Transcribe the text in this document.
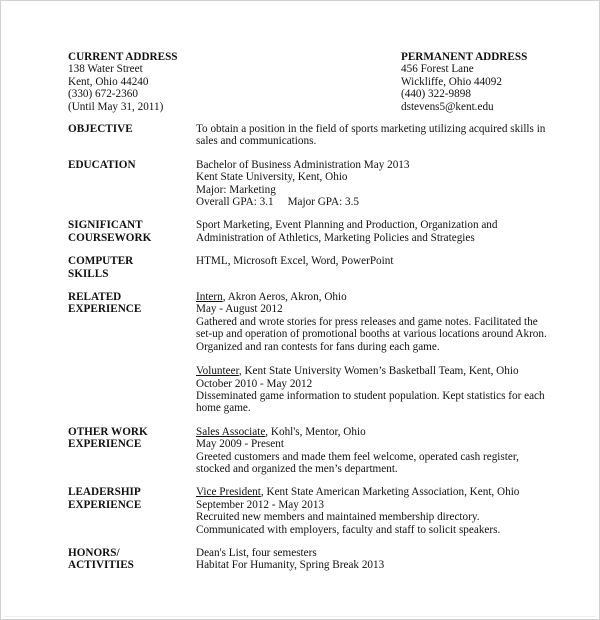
CURRENT ADDRESS
138 Water Street
Kent, Ohio 44240
(330) 672-2360
(Until May 31, 2011)
PERMANENT ADDRESS
456 Forest Lane
Wickliffe, Ohio 44092
(440) 322-9898
dstevens5@kent.edu
OBJECTIVE	To obtain a position in the field of sports marketing utilizing acquired skills in sales and communications.
EDUCATION	Bachelor of Business Administration May 2013
Kent State University, Kent, Ohio
Major: Marketing
Overall GPA: 3.1 Major GPA: 3.5
SIGNIFICANT
COURSEWORK
Sport Marketing, Event Planning and Production, Organization and Administration of Athletics, Marketing Policies and Strategies
COMPUTER
SKILLS
HTML, Microsoft Excel, Word, PowerPoint
RELATED
EXPERIENCE
Intern, Akron Aeros, Akron, Ohio
May - August 2012
Gathered and wrote stories for press releases and game notes. Facilitated the set-up and operation of promotional booths at various locations around Akron. Organized and ran contests for fans during each game.
Volunteer, Kent State University Women’s Basketball Team, Kent, Ohio
October 2010 - May 2012
Disseminated game information to student population. Kept statistics for each home game.
OTHER WORK
EXPERIENCE
Sales Associate, Kohl's, Mentor, Ohio
May 2009 - Present
Greeted customers and made them feel welcome, operated cash register, stocked and organized the men’s department.
LEADERSHIP
EXPERIENCE
Vice President, Kent State American Marketing Association, Kent, Ohio
September 2012 - May 2013
Recruited new members and maintained membership directory. Communicated with employers, faculty and staff to solicit speakers.
HONORS/
ACTIVITIES
Dean's List, four semesters
Habitat For Humanity, Spring Break 2013
